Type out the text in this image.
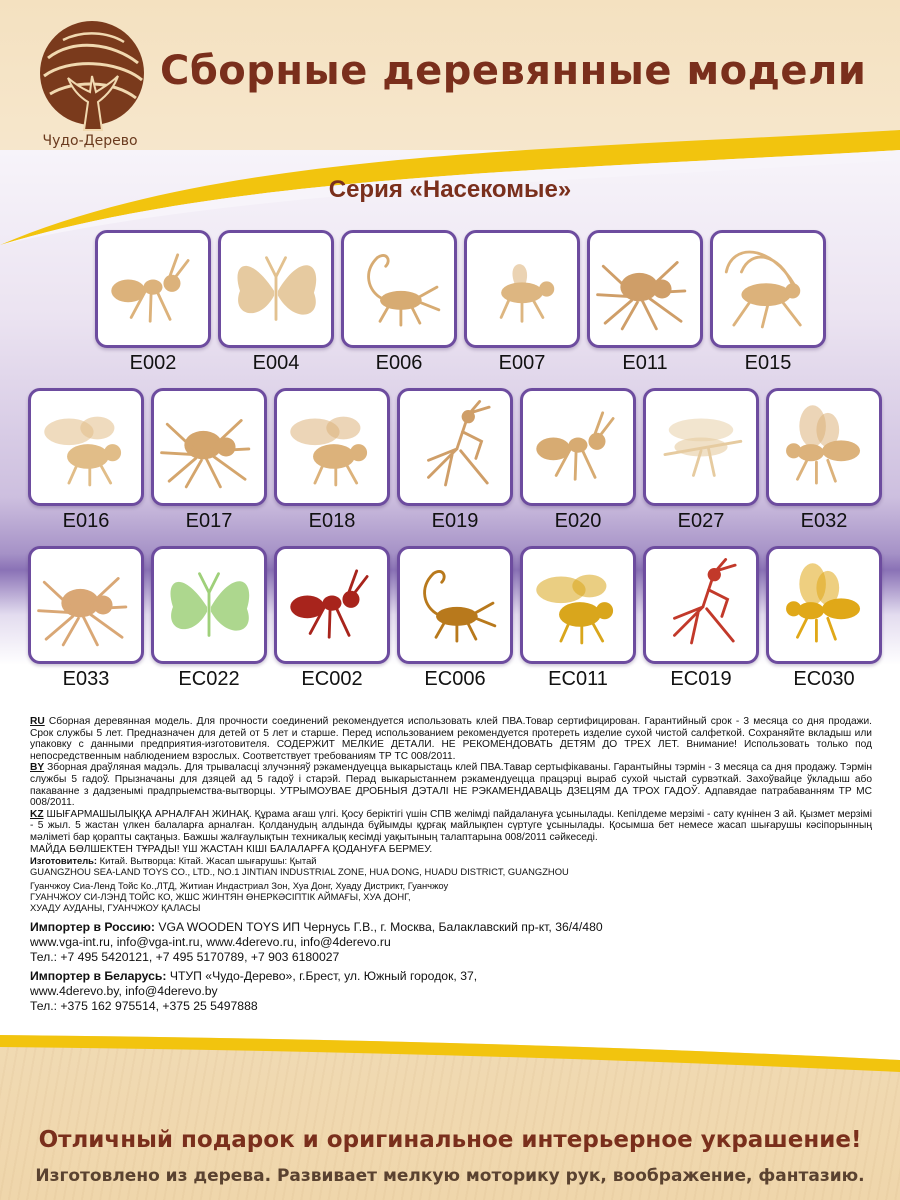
Чудо-Дерево
Сборные деревянные модели
Серия «Насекомые»
E002	E004	E006	E007	E011	E015
E016	E017	E018	E019	E020	E027	E032
E033	EC022	EC002	EC006	EC011	EC019	EC030

RU Сборная деревянная модель. Для прочности соединений рекомендуется использовать клей ПВА.Товар сертифицирован. Гарантийный срок - 3 месяца со дня продажи. Срок службы 5 лет. Предназначен для детей от 5 лет и старше. Перед использованием рекомендуется протереть изделие сухой чистой салфеткой. Сохраняйте вкладыш или упаковку с данными предприятия-изготовителя. СОДЕРЖИТ МЕЛКИЕ ДЕТАЛИ. НЕ РЕКОМЕНДОВАТЬ ДЕТЯМ ДО ТРЕХ ЛЕТ. Внимание! Использовать только под непосредственным наблюдением взрослых. Соответствует требованиям ТР ТС 008/2011.

BY Зборная драўляная мадэль. Для трываласці злучэнняў рэкамендуецца выкарыстаць клей ПВА.Тавар сертыфікаваны. Гарантыйны тэрмін - 3 месяца са дня продажу. Тэрмін службы 5 гадоў. Прызначаны для дзяцей ад 5 гадоў і старэй. Перад выкарыстаннем рэкамендуецца працэрці выраб сухой чыстай сурвэткай. Захоўвайце ўкладыш або пакаванне з дадзенымі прадпрыемства-вытворцы. УТРЫМОУВАЕ ДРОБНЫЯ ДЭТАЛІ НЕ РЭКАМЕНДАВАЦЬ ДЗЕЦЯМ ДА ТРОХ ГАДОЎ. Адпавядае патрабаванням ТР МС 008/2011.

KZ ШЫҒАРМАШЫЛЫҚҚА АРНАЛҒАН ЖИНАҚ. Құрама ағаш үлгі. Қосу беріктігі үшін СПВ желімді пайдалануға ұсынылады. Кепілдеме мерзімі - сату күнінен 3 ай. Қызмет мерзімі - 5 жыл. 5 жастан үлкен балаларға арналған. Қолданудың алдында бұйымды құрғақ майлықпен сүртуге ұсынылады. Қосымша бет немесе жасап шығарушы кәсіпорынның мәліметі бар қорапты сақтаңыз. Бажшы жалғаулықтын техникалық кесімді уақытының талаптарына 008/2011 сәйкеседі.

МАЙДА БӨЛШЕКТЕН ТҰРАДЫ! ҮШ ЖАСТАН КІШІ БАЛАЛАРҒА ҚОДАНУҒА БЕРМЕУ.

Изготовитель: Китай. Вытворца: Кітай. Жасап шығарушы: Қытай

GUANGZHOU SEA-LAND TOYS CO., LTD., NO.1 JINTIAN INDUSTRIAL ZONE, HUA DONG, HUADU DISTRICT, GUANGZHOU

Гуанчжоу Сиа-Ленд Тойс Ко.,ЛТД, Житиан Индастриал Зон, Хуа Донг, Хуаду Дистрикт, Гуанчжоу

ГУАНЧЖОУ СИ-ЛЭНД ТОЙС КО, ЖШС ЖИНТЯН ӨНЕРКӘСІПТІК АЙМАҒЫ, ХУА ДОНГ,

ХУАДУ АУДАНЫ, ГУАНЧЖОУ ҚАЛАСЫ

Импортер в Россию: VGA WOODEN TOYS ИП Чернусь Г.В., г. Москва, Балаклавский пр-кт, 36/4/480
www.vga-int.ru, info@vga-int.ru, www.4derevo.ru, info@4derevo.ru
Тел.: +7 495 5420121, +7 495 5170789, +7 903 6180027
Импортер в Беларусь: ЧТУП «Чудо-Дерево», г.Брест, ул. Южный городок, 37,
www.4derevo.by, info@4derevo.by
Тел.: +375 162 975514, +375 25 5497888
Отличный подарок и оригинальное интерьерное украшение!
Изготовлено из дерева. Развивает мелкую моторику рук, воображение, фантазию.
